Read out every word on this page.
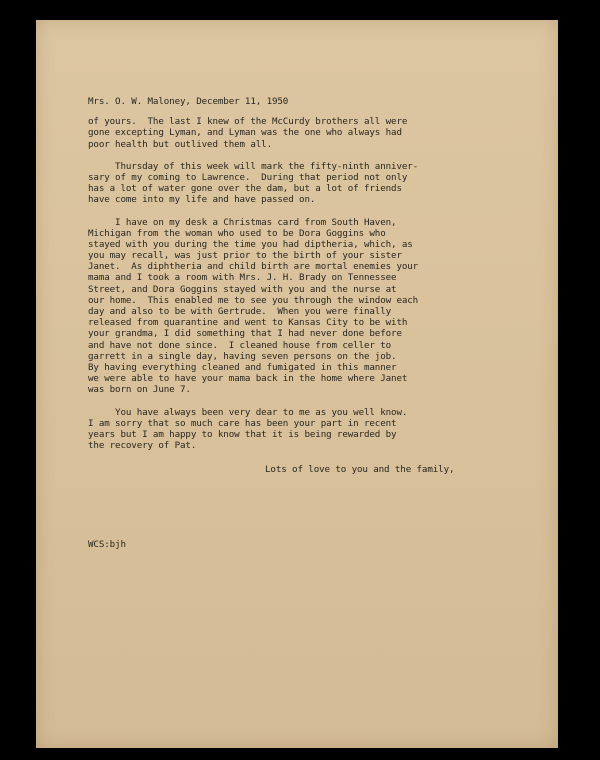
Mrs. O. W. Maloney, December 11, 1950
of yours.  The last I knew of the McCurdy brothers all were
gone excepting Lyman, and Lyman was the one who always had
poor health but outlived them all.
Thursday of this week will mark the fifty-ninth anniver-
sary of my coming to Lawrence.  During that period not only
has a lot of water gone over the dam, but a lot of friends
have come into my life and have passed on.
I have on my desk a Christmas card from South Haven,
Michigan from the woman who used to be Dora Goggins who
stayed with you during the time you had diptheria, which, as
you may recall, was just prior to the birth of your sister
Janet.  As diphtheria and child birth are mortal enemies your
mama and I took a room with Mrs. J. H. Brady on Tennessee
Street, and Dora Goggins stayed with you and the nurse at
our home.  This enabled me to see you through the window each
day and also to be with Gertrude.  When you were finally
released from quarantine and went to Kansas City to be with
your grandma, I did something that I had never done before
and have not done since.  I cleaned house from celler to
garrett in a single day, having seven persons on the job.
By having everything cleaned and fumigated in this manner
we were able to have your mama back in the home where Janet
was born on June 7.
You have always been very dear to me as you well know.
I am sorry that so much care has been your part in recent
years but I am happy to know that it is being rewarded by
the recovery of Pat.
Lots of love to you and the family,
WCS:bjh
